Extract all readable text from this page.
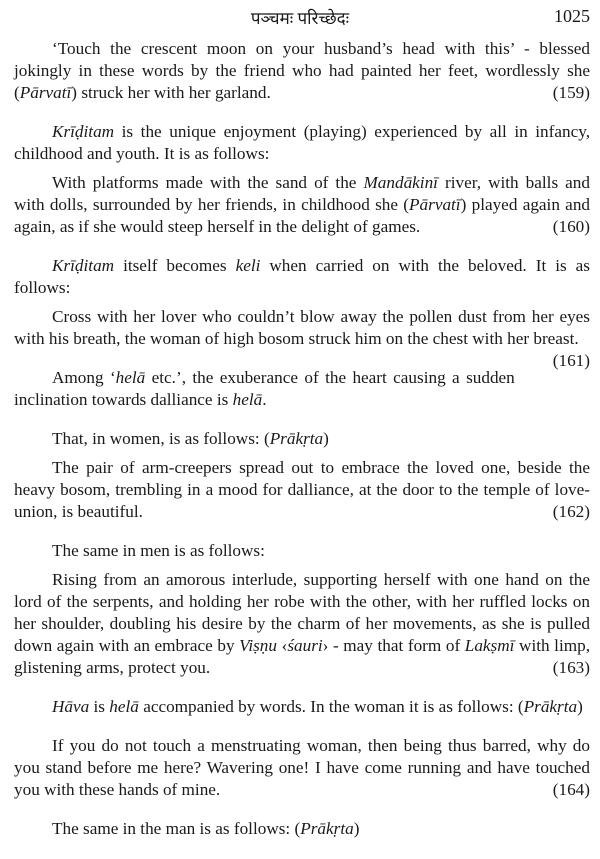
पञ्चमः परिच्छेदः	1025

‘Touch the crescent moon on your husband’s head with this’ - blessed jokingly in these words by the friend who had painted her feet, wordlessly she (Pārvatī) struck her with her garland.	(159)

Krīḍitam is the unique enjoyment (playing) experienced by all in infancy, childhood and youth. It is as follows:

With platforms made with the sand of the Mandākinī river, with balls and with dolls, surrounded by her friends, in childhood she (Pārvatī) played again and again, as if she would steep herself in the delight of games.	(160)

Krīḍitam itself becomes keli when carried on with the beloved. It is as follows:

Cross with her lover who couldn’t blow away the pollen dust from her eyes with his breath, the woman of high bosom struck him on the chest with her breast.
(161)

Among ‘helā etc.’, the exuberance of the heart causing a sudden inclination towards dalliance is helā.

That, in women, is as follows: (Prākṛta)

The pair of arm-creepers spread out to embrace the loved one, beside the heavy bosom, trembling in a mood for dalliance, at the door to the temple of love-union, is beautiful.	(162)

The same in men is as follows:

Rising from an amorous interlude, supporting herself with one hand on the lord of the serpents, and holding her robe with the other, with her ruffled locks on her shoulder, doubling his desire by the charm of her movements, as she is pulled down again with an embrace by Viṣṇu ‹śauri› - may that form of Lakṣmī with limp, glistening arms, protect you.	(163)

Hāva is helā accompanied by words. In the woman it is as follows: (Prākṛta)

If you do not touch a menstruating woman, then being thus barred, why do you stand before me here? Wavering one! I have come running and have touched you with these hands of mine.	(164)

The same in the man is as follows: (Prākṛta)
